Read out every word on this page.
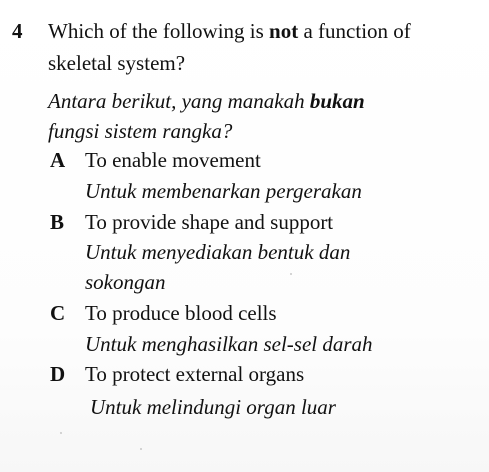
4 Which of the following is not a function of
skeletal system?
Antara berikut, yang manakah bukan
fungsi sistem rangka?
A To enable movement
Untuk membenarkan pergerakan
B To provide shape and support
Untuk menyediakan bentuk dan
sokongan
C To produce blood cells
Untuk menghasilkan sel-sel darah
D To protect external organs
Untuk melindungi organ luar
